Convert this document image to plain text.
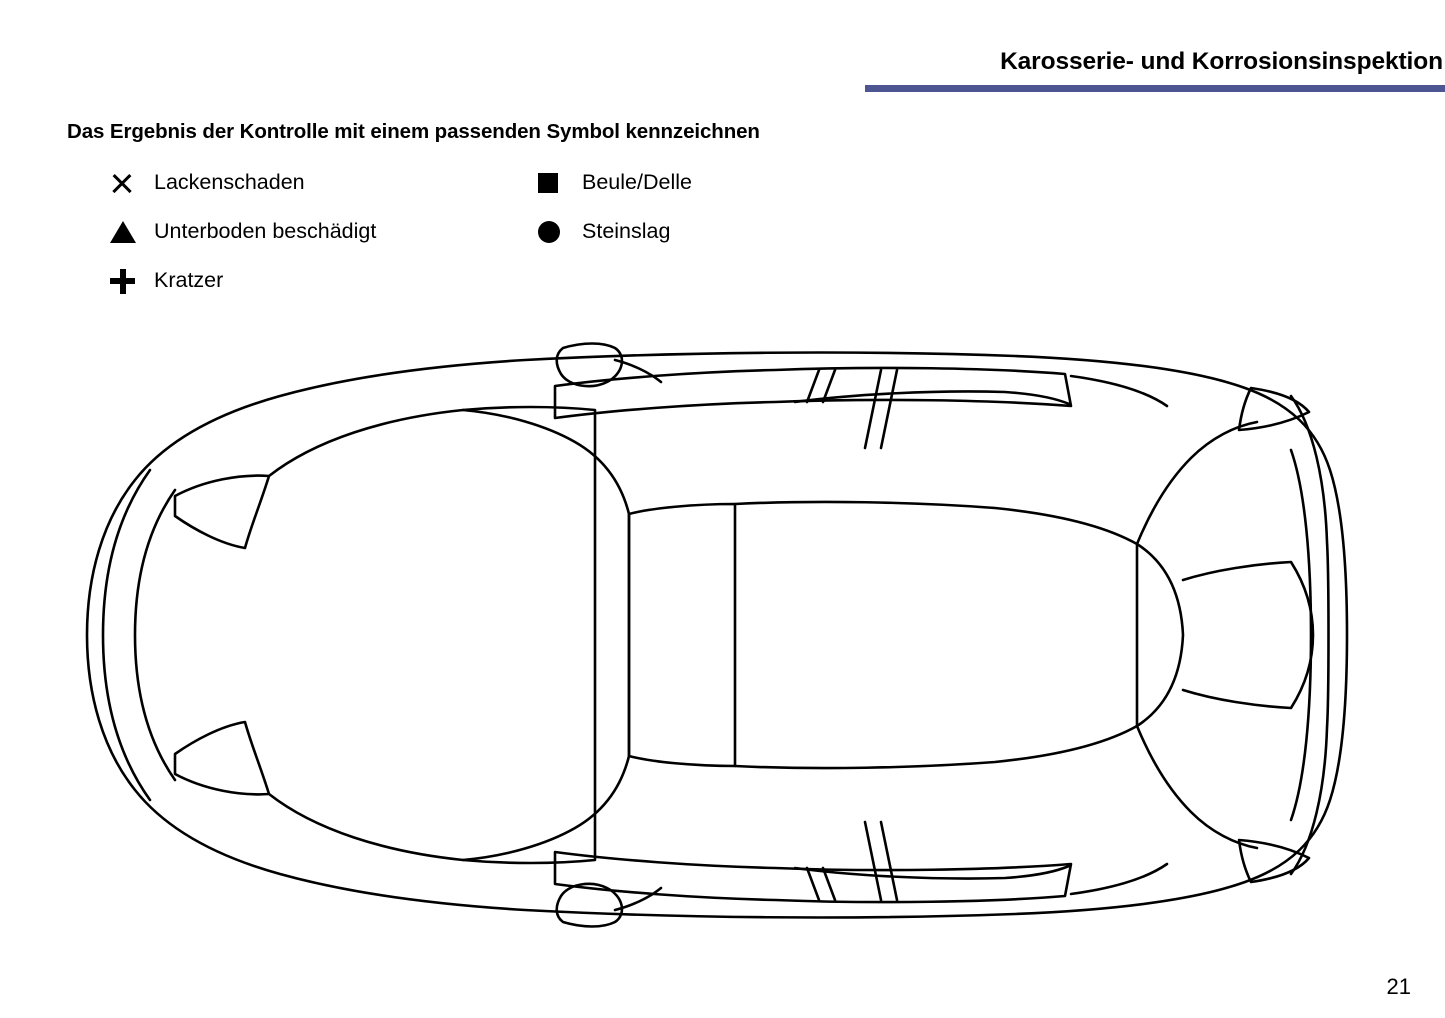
Karosserie- und Korrosionsinspektion
Das Ergebnis der Kontrolle mit einem passenden Symbol kennzeichnen
Lackenschaden	Beule/Delle
Unterboden beschädigt	Steinslag
Kratzer
21
